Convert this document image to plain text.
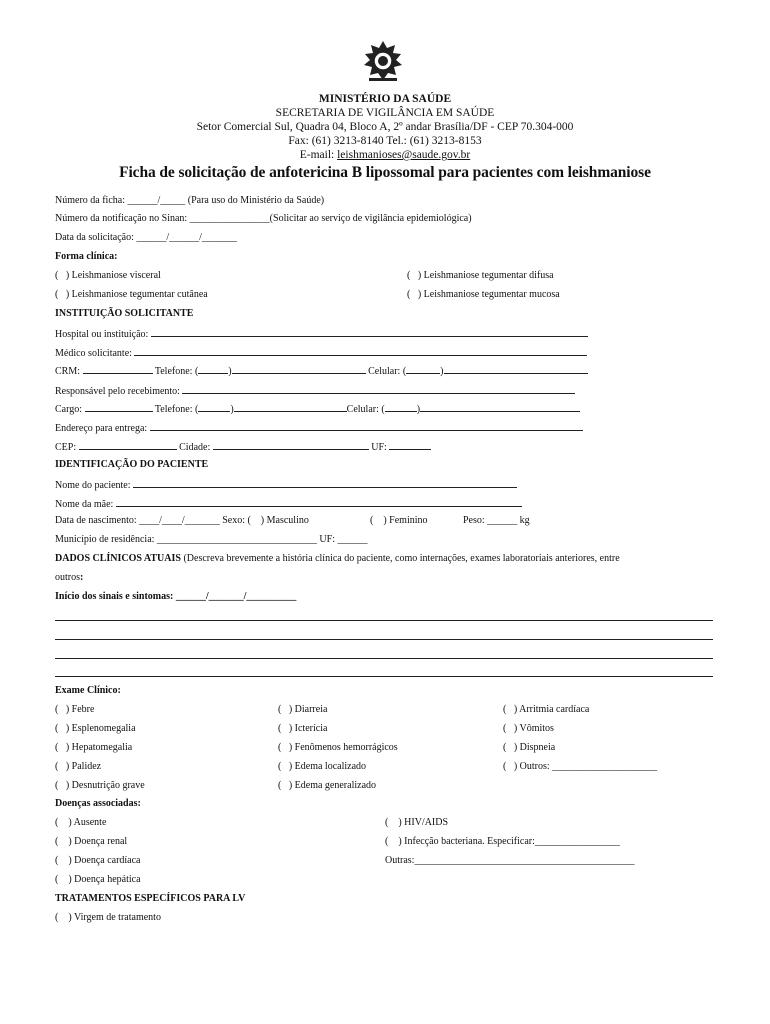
MINISTÉRIO DA SAÚDE
SECRETARIA DE VIGILÂNCIA EM SAÚDE
Setor Comercial Sul, Quadra 04, Bloco A, 2º andar Brasília/DF - CEP 70.304-000
Fax: (61) 3213-8140 Tel.: (61) 3213-8153
E-mail: leishmanioses@saude.gov.br
Ficha de solicitação de anfotericina B lipossomal para pacientes com leishmaniose
Número da ficha: ______/_____ (Para uso do Ministério da Saúde)
Número da notificação no Sinan: ________________(Solicitar ao serviço de vigilância epidemiológica)
Data da solicitação: ______/______/_______
Forma clínica:
(   ) Leishmaniose visceral	(   ) Leishmaniose tegumentar difusa
(   ) Leishmaniose tegumentar cutânea	(   ) Leishmaniose tegumentar mucosa
INSTITUIÇÃO SOLICITANTE
Hospital ou instituição:
Médico solicitante:
CRM:	Telefone: (	)	Celular: (	)
Responsável pelo recebimento:
Cargo:	Telefone: (	)	Celular: (	)
Endereço para entrega:
CEP:	Cidade:	UF:
IDENTIFICAÇÃO DO PACIENTE
Nome do paciente:
Nome da mãe:
Data de nascimento: ____/____/_______ Sexo: (    ) Masculino	(    ) Feminino	Peso: ______ kg
Município de residência: ________________________________ UF: ______
DADOS CLÍNICOS ATUAIS (Descreva brevemente a história clínica do paciente, como internações, exames laboratoriais anteriores, entre
outros:
Início dos sinais e sintomas: ______/_______/__________
Exame Clínico:
(   ) Febre	(   ) Diarreia	(   ) Arritmia cardíaca
(   ) Esplenomegalia	(   ) Icterícia	(   ) Vômitos
(   ) Hepatomegalia	(   ) Fenômenos hemorrágicos	(   ) Dispneia
(   ) Palidez	(   ) Edema localizado	(   ) Outros: _____________________
(   ) Desnutrição grave	(   ) Edema generalizado
Doenças associadas:
(    ) Ausente	(    ) HIV/AIDS
(    ) Doença renal	(    ) Infecção bacteriana. Especificar:_________________
(    ) Doença cardíaca	Outras:____________________________________________
(    ) Doença hepática
TRATAMENTOS ESPECÍFICOS PARA LV
(    ) Virgem de tratamento
